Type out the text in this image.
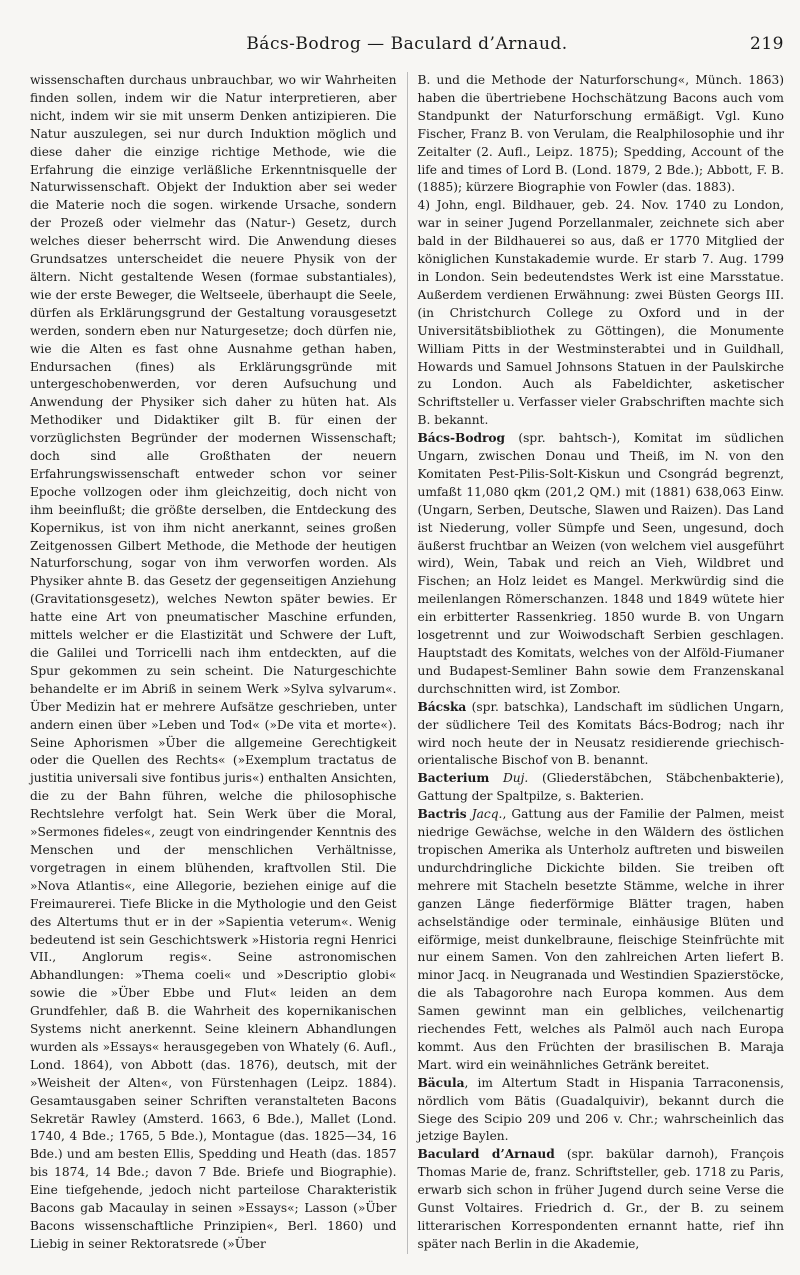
Bács-Bodrog — Baculard d’Arnaud.	219

wissenschaften durchaus unbrauchbar, wo wir Wahrheiten finden sollen, indem wir die Natur interpretieren, aber nicht, indem wir sie mit unserm Denken antizipieren. Die Natur auszulegen, sei nur durch Induktion möglich und diese daher die einzige richtige Methode, wie die Erfahrung die einzige verläßliche Erkenntnisquelle der Naturwissenschaft. Objekt der Induktion aber sei weder die Materie noch die sogen. wirkende Ursache, sondern der Prozeß oder vielmehr das (Natur-) Gesetz, durch welches dieser beherrscht wird. Die Anwendung dieses Grundsatzes unterscheidet die neuere Physik von der ältern. Nicht gestaltende Wesen (formae substantiales), wie der erste Beweger, die Weltseele, überhaupt die Seele, dürfen als Erklärungsgrund der Gestaltung vorausgesetzt werden, sondern eben nur Naturgesetze; doch dürfen nie, wie die Alten es fast ohne Ausnahme gethan haben, Endursachen (fines) als Erklärungsgründe mit untergeschobenwerden, vor deren Aufsuchung und Anwendung der Physiker sich daher zu hüten hat. Als Methodiker und Didaktiker gilt B. für einen der vorzüglichsten Begründer der modernen Wissenschaft; doch sind alle Großthaten der neuern Erfahrungswissenschaft entweder schon vor seiner Epoche vollzogen oder ihm gleichzeitig, doch nicht von ihm beeinflußt; die größte derselben, die Entdeckung des Kopernikus, ist von ihm nicht anerkannt, seines großen Zeitgenossen Gilbert Methode, die Methode der heutigen Naturforschung, sogar von ihm verworfen worden. Als Physiker ahnte B. das Gesetz der gegenseitigen Anziehung (Gravitationsgesetz), welches Newton später bewies. Er hatte eine Art von pneumatischer Maschine erfunden, mittels welcher er die Elastizität und Schwere der Luft, die Galilei und Torricelli nach ihm entdeckten, auf die Spur gekommen zu sein scheint. Die Naturgeschichte behandelte er im Abriß in seinem Werk »Sylva sylvarum«. Über Medizin hat er mehrere Aufsätze geschrieben, unter andern einen über »Leben und Tod« (»De vita et morte«). Seine Aphorismen »Über die allgemeine Gerechtigkeit oder die Quellen des Rechts« (»Exemplum tractatus de justitia universali sive fontibus juris«) enthalten Ansichten, die zu der Bahn führen, welche die philosophische Rechtslehre verfolgt hat. Sein Werk über die Moral, »Sermones fideles«, zeugt von eindringender Kenntnis des Menschen und der menschlichen Verhältnisse, vorgetragen in einem blühenden, kraftvollen Stil. Die »Nova Atlantis«, eine Allegorie, beziehen einige auf die Freimaurerei. Tiefe Blicke in die Mythologie und den Geist des Altertums thut er in der »Sapientia veterum«. Wenig bedeutend ist sein Geschichtswerk »Historia regni Henrici VII., Anglorum regis«. Seine astronomischen Abhandlungen: »Thema coeli« und »Descriptio globi« sowie die »Über Ebbe und Flut« leiden an dem Grundfehler, daß B. die Wahrheit des kopernikanischen Systems nicht anerkennt. Seine kleinern Abhandlungen wurden als »Essays« herausgegeben von Whately (6. Aufl., Lond. 1864), von Abbott (das. 1876), deutsch, mit der »Weisheit der Alten«, von Fürstenhagen (Leipz. 1884). Gesamtausgaben seiner Schriften veranstalteten Bacons Sekretär Rawley (Amsterd. 1663, 6 Bde.), Mallet (Lond. 1740, 4 Bde.; 1765, 5 Bde.), Montague (das. 1825—34, 16 Bde.) und am besten Ellis, Spedding und Heath (das. 1857 bis 1874, 14 Bde.; davon 7 Bde. Briefe und Biographie). Eine tiefgehende, jedoch nicht parteilose Charakteristik Bacons gab Macaulay in seinen »Essays«; Lasson (»Über Bacons wissenschaftliche Prinzipien«, Berl. 1860) und Liebig in seiner Rektoratsrede (»Über

B. und die Methode der Naturforschung«, Münch. 1863) haben die übertriebene Hochschätzung Bacons auch vom Standpunkt der Naturforschung ermäßigt. Vgl. Kuno Fischer, Franz B. von Verulam, die Realphilosophie und ihr Zeitalter (2. Aufl., Leipz. 1875); Spedding, Account of the life and times of Lord B. (Lond. 1879, 2 Bde.); Abbott, F. B. (1885); kürzere Biographie von Fowler (das. 1883).

4) John, engl. Bildhauer, geb. 24. Nov. 1740 zu London, war in seiner Jugend Porzellanmaler, zeichnete sich aber bald in der Bildhauerei so aus, daß er 1770 Mitglied der königlichen Kunstakademie wurde. Er starb 7. Aug. 1799 in London. Sein bedeutendstes Werk ist eine Marsstatue. Außerdem verdienen Erwähnung: zwei Büsten Georgs III. (in Christchurch College zu Oxford und in der Universitätsbibliothek zu Göttingen), die Monumente William Pitts in der Westminsterabtei und in Guildhall, Howards und Samuel Johnsons Statuen in der Paulskirche zu London. Auch als Fabeldichter, asketischer Schriftsteller u. Verfasser vieler Grabschriften machte sich B. bekannt.

Bács-Bodrog (spr. bahtsch-), Komitat im südlichen Ungarn, zwischen Donau und Theiß, im N. von den Komitaten Pest-Pilis-Solt-Kiskun und Csongrád begrenzt, umfaßt 11,080 qkm (201,2 QM.) mit (1881) 638,063 Einw. (Ungarn, Serben, Deutsche, Slawen und Raizen). Das Land ist Niederung, voller Sümpfe und Seen, ungesund, doch äußerst fruchtbar an Weizen (von welchem viel ausgeführt wird), Wein, Tabak und reich an Vieh, Wildbret und Fischen; an Holz leidet es Mangel. Merkwürdig sind die meilenlangen Römerschanzen. 1848 und 1849 wütete hier ein erbitterter Rassenkrieg. 1850 wurde B. von Ungarn losgetrennt und zur Woiwodschaft Serbien geschlagen. Hauptstadt des Komitats, welches von der Alföld-Fiumaner und Budapest-Semliner Bahn sowie dem Franzenskanal durchschnitten wird, ist Zombor.

Bácska (spr. batschka), Landschaft im südlichen Ungarn, der südlichere Teil des Komitats Bács-Bodrog; nach ihr wird noch heute der in Neusatz residierende griechisch-orientalische Bischof von B. benannt.

Bacterium Duj. (Gliederstäbchen, Stäbchenbakterie), Gattung der Spaltpilze, s. Bakterien.

Bactris Jacq., Gattung aus der Familie der Palmen, meist niedrige Gewächse, welche in den Wäldern des östlichen tropischen Amerika als Unterholz auftreten und bisweilen undurchdringliche Dickichte bilden. Sie treiben oft mehrere mit Stacheln besetzte Stämme, welche in ihrer ganzen Länge fiederförmige Blätter tragen, haben achselständige oder terminale, einhäusige Blüten und eiförmige, meist dunkelbraune, fleischige Steinfrüchte mit nur einem Samen. Von den zahlreichen Arten liefert B. minor Jacq. in Neugranada und Westindien Spazierstöcke, die als Tabagorohre nach Europa kommen. Aus dem Samen gewinnt man ein gelbliches, veilchenartig riechendes Fett, welches als Palmöl auch nach Europa kommt. Aus den Früchten der brasilischen B. Maraja Mart. wird ein weinähnliches Getränk bereitet.

Bäcula, im Altertum Stadt in Hispania Tarraconensis, nördlich vom Bätis (Guadalquivir), bekannt durch die Siege des Scipio 209 und 206 v. Chr.; wahrscheinlich das jetzige Baylen.

Baculard d’Arnaud (spr. bakülar darnoh), François Thomas Marie de, franz. Schriftsteller, geb. 1718 zu Paris, erwarb sich schon in früher Jugend durch seine Verse die Gunst Voltaires. Friedrich d. Gr., der B. zu seinem litterarischen Korrespondenten ernannt hatte, rief ihn später nach Berlin in die Akademie,
